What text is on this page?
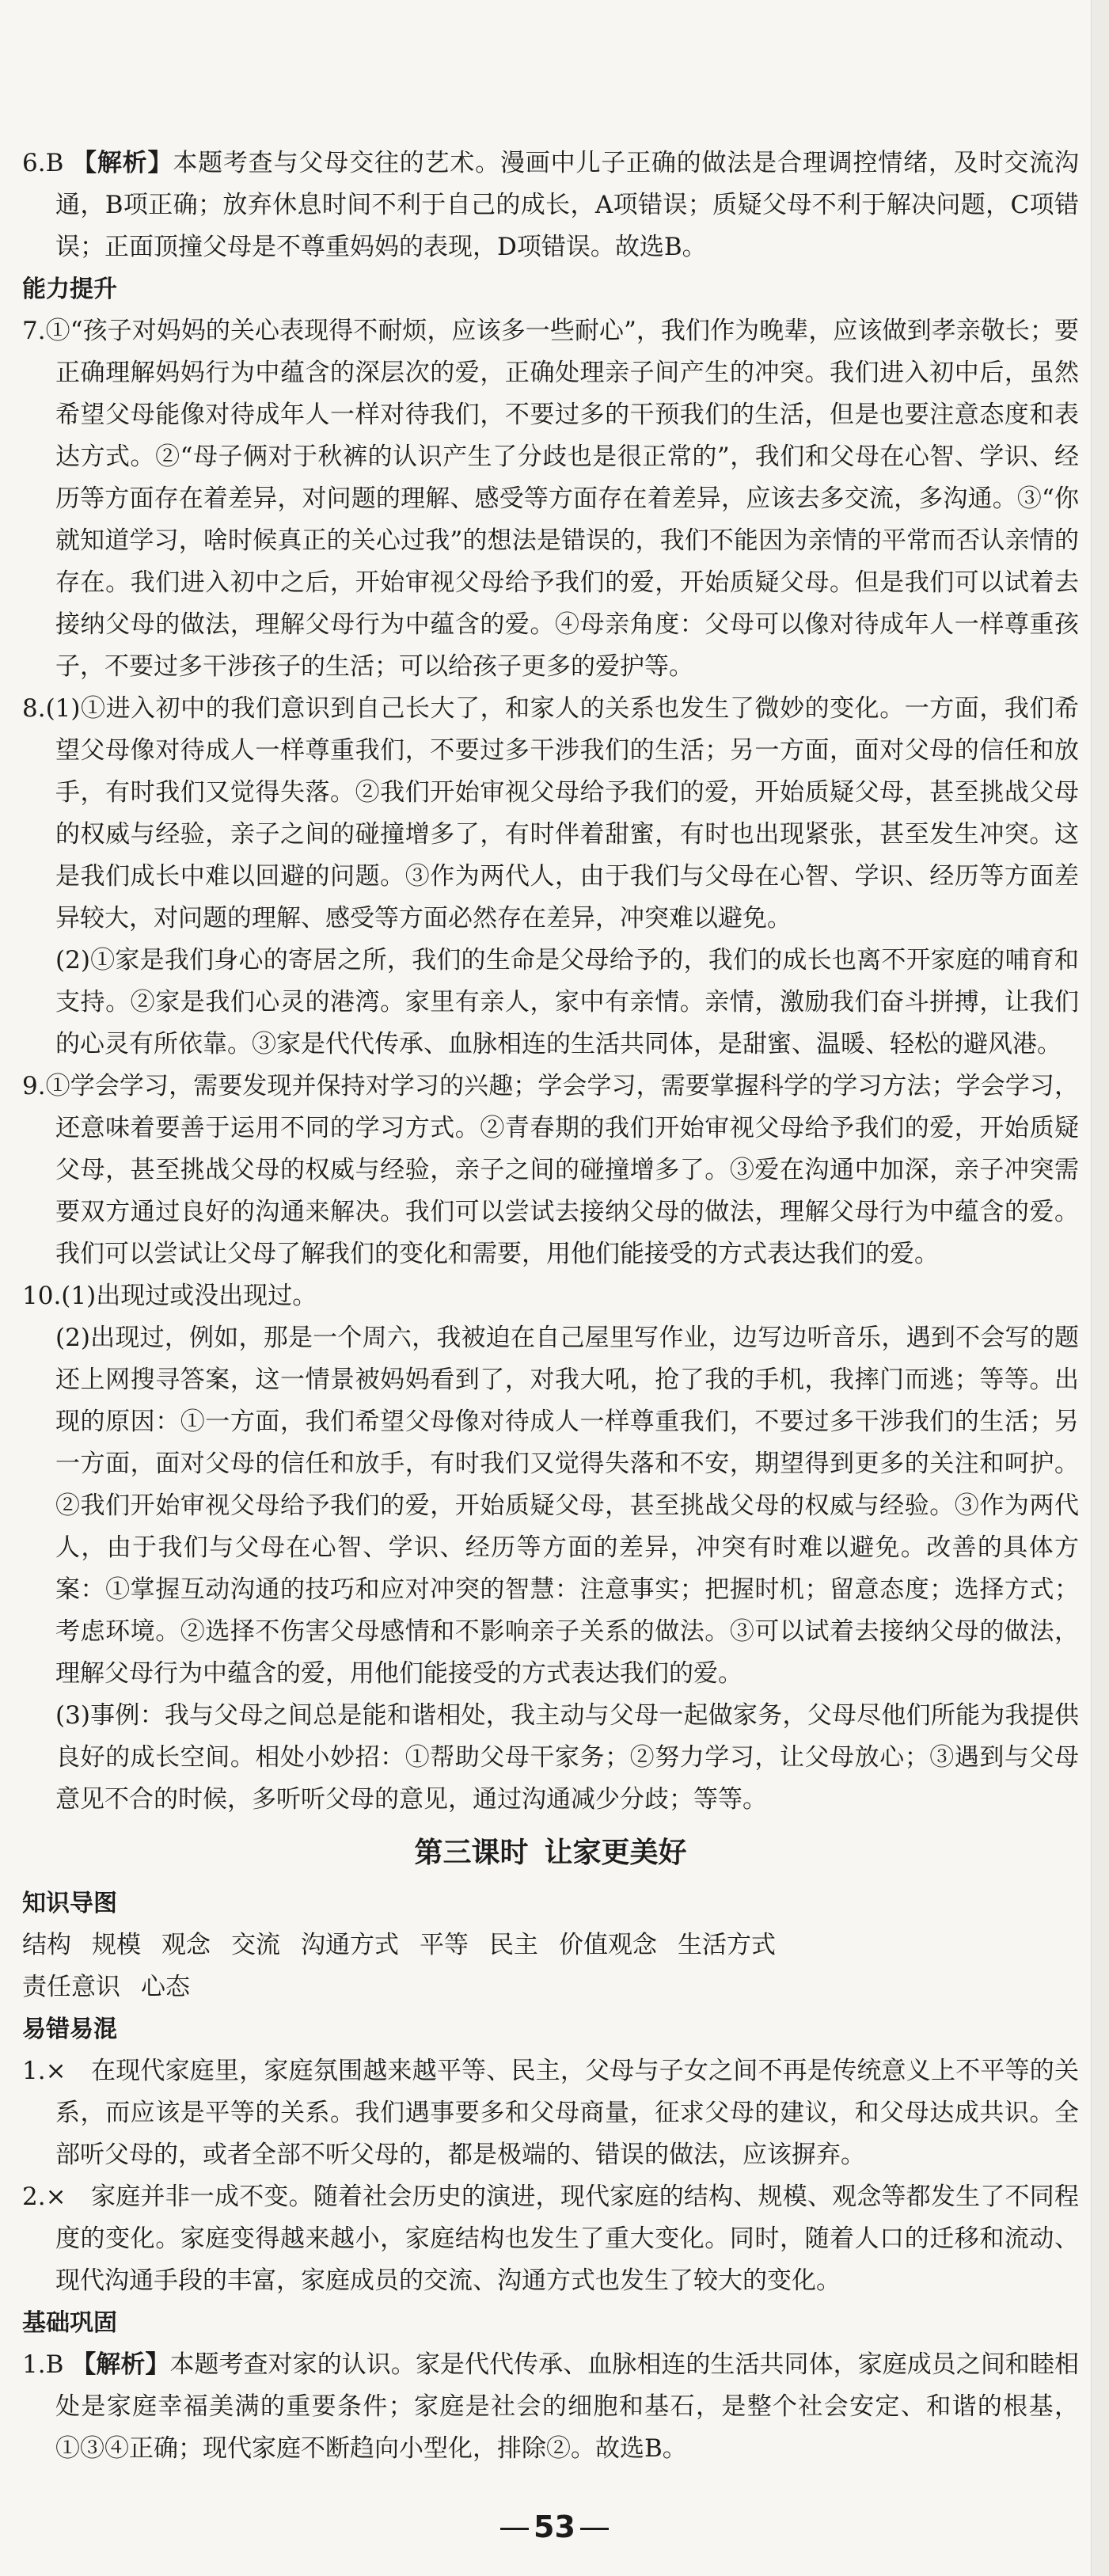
6.B 【解析】本题考查与父母交往的艺术。漫画中儿子正确的做法是合理调控情绪，及时交流沟通，B项正确；放弃休息时间不利于自己的成长，A项错误；质疑父母不利于解决问题，C项错误；正面顶撞父母是不尊重妈妈的表现，D项错误。故选B。

能力提升

7.①“孩子对妈妈的关心表现得不耐烦，应该多一些耐心”，我们作为晚辈，应该做到孝亲敬长；要正确理解妈妈行为中蕴含的深层次的爱，正确处理亲子间产生的冲突。我们进入初中后，虽然希望父母能像对待成年人一样对待我们，不要过多的干预我们的生活，但是也要注意态度和表达方式。②“母子俩对于秋裤的认识产生了分歧也是很正常的”，我们和父母在心智、学识、经历等方面存在着差异，对问题的理解、感受等方面存在着差异，应该去多交流，多沟通。③“你就知道学习，啥时候真正的关心过我”的想法是错误的，我们不能因为亲情的平常而否认亲情的存在。我们进入初中之后，开始审视父母给予我们的爱，开始质疑父母。但是我们可以试着去接纳父母的做法，理解父母行为中蕴含的爱。④母亲角度：父母可以像对待成年人一样尊重孩子，不要过多干涉孩子的生活；可以给孩子更多的爱护等。

8.(1)①进入初中的我们意识到自己长大了，和家人的关系也发生了微妙的变化。一方面，我们希望父母像对待成人一样尊重我们，不要过多干涉我们的生活；另一方面，面对父母的信任和放手，有时我们又觉得失落。②我们开始审视父母给予我们的爱，开始质疑父母，甚至挑战父母的权威与经验，亲子之间的碰撞增多了，有时伴着甜蜜，有时也出现紧张，甚至发生冲突。这是我们成长中难以回避的问题。③作为两代人，由于我们与父母在心智、学识、经历等方面差异较大，对问题的理解、感受等方面必然存在差异，冲突难以避免。

(2)①家是我们身心的寄居之所，我们的生命是父母给予的，我们的成长也离不开家庭的哺育和支持。②家是我们心灵的港湾。家里有亲人，家中有亲情。亲情，激励我们奋斗拼搏，让我们的心灵有所依靠。③家是代代传承、血脉相连的生活共同体，是甜蜜、温暖、轻松的避风港。

9.①学会学习，需要发现并保持对学习的兴趣；学会学习，需要掌握科学的学习方法；学会学习，还意味着要善于运用不同的学习方式。②青春期的我们开始审视父母给予我们的爱，开始质疑父母，甚至挑战父母的权威与经验，亲子之间的碰撞增多了。③爱在沟通中加深，亲子冲突需要双方通过良好的沟通来解决。我们可以尝试去接纳父母的做法，理解父母行为中蕴含的爱。我们可以尝试让父母了解我们的变化和需要，用他们能接受的方式表达我们的爱。

10.(1)出现过或没出现过。

(2)出现过，例如，那是一个周六，我被迫在自己屋里写作业，边写边听音乐，遇到不会写的题还上网搜寻答案，这一情景被妈妈看到了，对我大吼，抢了我的手机，我摔门而逃；等等。出现的原因：①一方面，我们希望父母像对待成人一样尊重我们，不要过多干涉我们的生活；另一方面，面对父母的信任和放手，有时我们又觉得失落和不安，期望得到更多的关注和呵护。②我们开始审视父母给予我们的爱，开始质疑父母，甚至挑战父母的权威与经验。③作为两代人，由于我们与父母在心智、学识、经历等方面的差异，冲突有时难以避免。改善的具体方案：①掌握互动沟通的技巧和应对冲突的智慧：注意事实；把握时机；留意态度；选择方式；考虑环境。②选择不伤害父母感情和不影响亲子关系的做法。③可以试着去接纳父母的做法，理解父母行为中蕴含的爱，用他们能接受的方式表达我们的爱。

(3)事例：我与父母之间总是能和谐相处，我主动与父母一起做家务，父母尽他们所能为我提供良好的成长空间。相处小妙招：①帮助父母干家务；②努力学习，让父母放心；③遇到与父母意见不合的时候，多听听父母的意见，通过沟通减少分歧；等等。

第三课时 让家更美好

知识导图

结构 规模 观念 交流 沟通方式 平等 民主 价值观念 生活方式
责任意识 心态

易错易混

1.×　在现代家庭里，家庭氛围越来越平等、民主，父母与子女之间不再是传统意义上不平等的关系，而应该是平等的关系。我们遇事要多和父母商量，征求父母的建议，和父母达成共识。全部听父母的，或者全部不听父母的，都是极端的、错误的做法，应该摒弃。

2.×　家庭并非一成不变。随着社会历史的演进，现代家庭的结构、规模、观念等都发生了不同程度的变化。家庭变得越来越小，家庭结构也发生了重大变化。同时，随着人口的迁移和流动、现代沟通手段的丰富，家庭成员的交流、沟通方式也发生了较大的变化。

基础巩固

1.B 【解析】本题考查对家的认识。家是代代传承、血脉相连的生活共同体，家庭成员之间和睦相处是家庭幸福美满的重要条件；家庭是社会的细胞和基石，是整个社会安定、和谐的根基，①③④正确；现代家庭不断趋向小型化，排除②。故选B。

53
